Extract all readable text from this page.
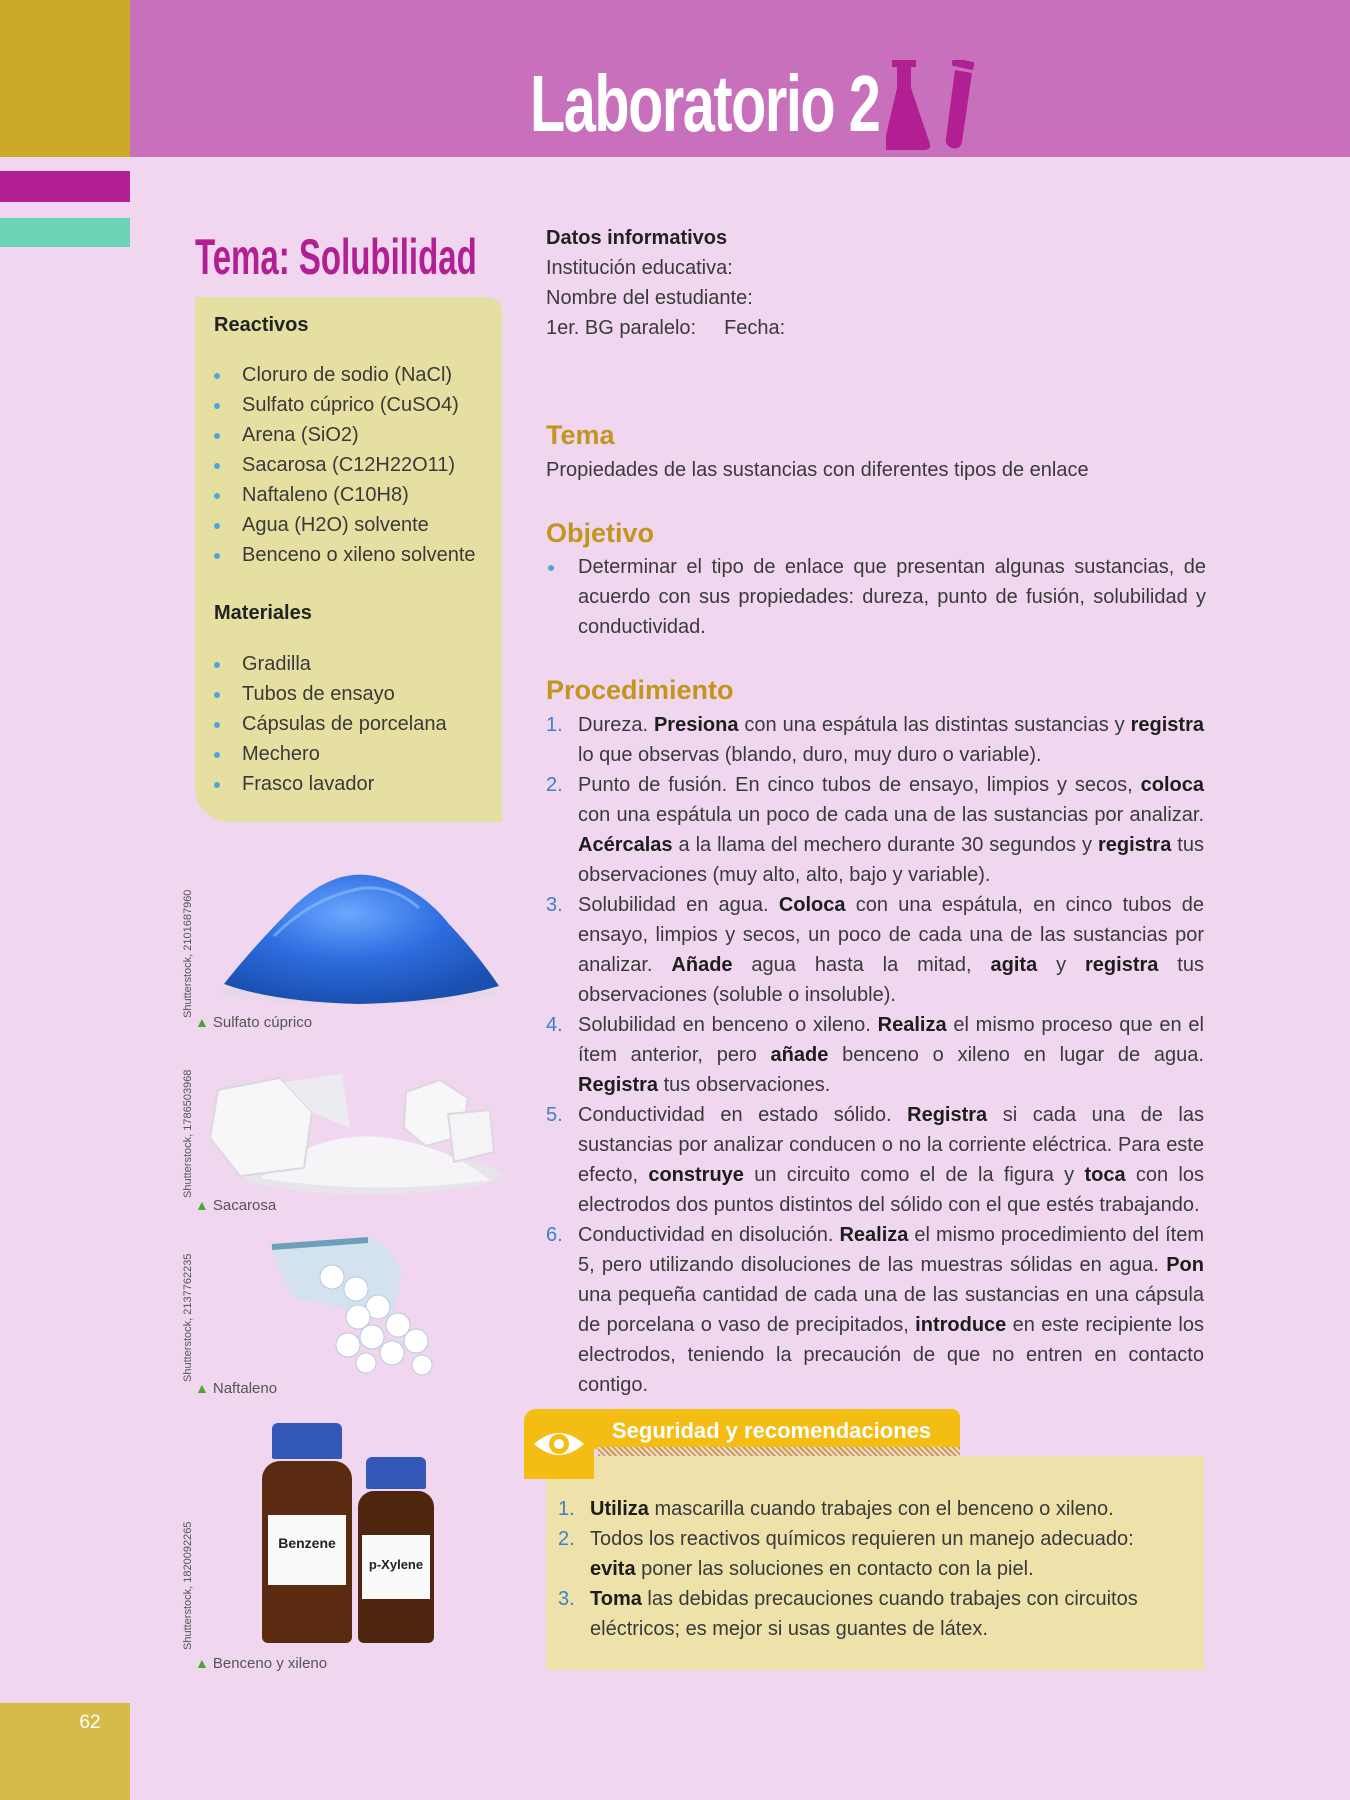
62
Laboratorio 2
Tema: Solubilidad
Reactivos
Cloruro de sodio (NaCl)
Sulfato cúprico (CuSO4)
Arena (SiO2)
Sacarosa (C12H22O11)
Naftaleno (C10H8)
Agua (H2O) solvente
Benceno o xileno solvente
Materiales
Gradilla
Tubos de ensayo
Cápsulas de porcelana
Mechero
Frasco lavador
Shutterstock, 2101687960
▲ Sulfato cúprico
Shutterstock, 1786503968
▲ Sacarosa
Shutterstock, 2137762235
▲ Naftaleno
Shutterstock, 1820092265	Benzene
p-Xylene
▲ Benceno y xileno
Datos informativos
Institución educativa:
Nombre del estudiante:
1er. BG paralelo: Fecha:
Tema
Propiedades de las sustancias con diferentes tipos de enlace
Objetivo
Determinar el tipo de enlace que presentan algunas sustancias, de acuerdo con sus propiedades: dureza, punto de fusión, solubilidad y conductividad.
Procedimiento
1. Dureza. Presiona con una espátula las distintas sustancias y registra lo que observas (blando, duro, muy duro o variable).
2. Punto de fusión. En cinco tubos de ensayo, limpios y secos, coloca con una espátula un poco de cada una de las sustancias por analizar. Acércalas a la llama del mechero durante 30 segundos y registra tus observaciones (muy alto, alto, bajo y variable).
3. Solubilidad en agua. Coloca con una espátula, en cinco tubos de ensayo, limpios y secos, un poco de cada una de las sustancias por analizar. Añade agua hasta la mitad, agita y registra tus observaciones (soluble o insoluble).
4. Solubilidad en benceno o xileno. Realiza el mismo proceso que en el ítem anterior, pero añade benceno o xileno en lugar de agua. Registra tus observaciones.
5. Conductividad en estado sólido. Registra si cada una de las sustancias por analizar conducen o no la corriente eléctrica. Para este efecto, construye un circuito como el de la figura y toca con los electrodos dos puntos distintos del sólido con el que estés trabajando.
6. Conductividad en disolución. Realiza el mismo procedimiento del ítem 5, pero utilizando disoluciones de las muestras sólidas en agua. Pon una pequeña cantidad de cada una de las sustancias en una cápsula de porcelana o vaso de precipitados, introduce en este recipiente los electrodos, teniendo la precaución de que no entren en contacto contigo.
Seguridad y recomendaciones
1. Utiliza mascarilla cuando trabajes con el benceno o xileno.
2. Todos los reactivos químicos requieren un manejo adecuado: evita poner las soluciones en contacto con la piel.
3. Toma las debidas precauciones cuando trabajes con circuitos eléctricos; es mejor si usas guantes de látex.
